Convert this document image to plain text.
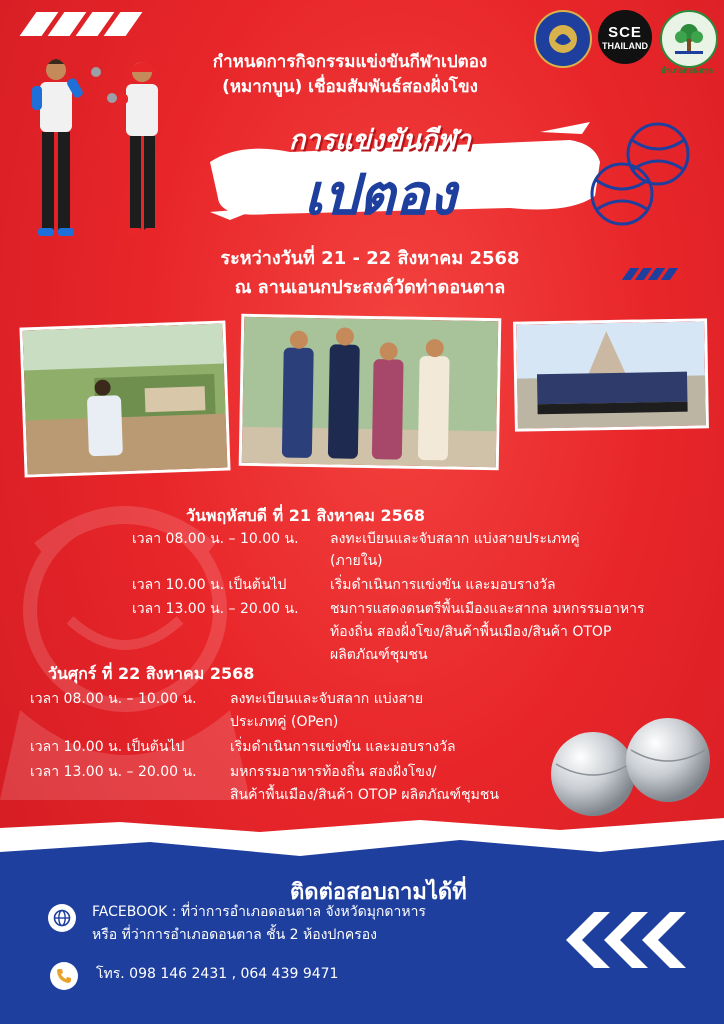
SCE
THAILAND
อำเภอดอนตาล
กำหนดการกิจกรรมแข่งขันกีฬาเปตอง
(หมากบูน) เชื่อมสัมพันธ์สองฝั่งโขง
การแข่งขันกีฬา
เปตอง
ระหว่างวันที่ 21 - 22 สิงหาคม 2568
ณ ลานเอนกประสงค์วัดท่าดอนตาล
วันพฤหัสบดี ที่ 21 สิงหาคม 2568
เวลา 08.00 น. – 10.00 น. ลงทะเบียนและจับสลาก แบ่งสายประเภทคู่
(ภายใน)
เวลา 10.00 น. เป็นต้นไป	เริ่มดำเนินการแข่งขัน และมอบรางวัล
เวลา 13.00 น. – 20.00 น. ชมการแสดงดนตรีพื้นเมืองและสากล มหกรรมอาหาร
ท้องถิ่น สองฝั่งโขง/สินค้าพื้นเมือง/สินค้า OTOP
ผลิตภัณฑ์ชุมชน
วันศุกร์ ที่ 22 สิงหาคม 2568
เวลา 08.00 น. – 10.00 น. ลงทะเบียนและจับสลาก แบ่งสาย
ประเภทคู่ (OPen)
เวลา 10.00 น. เป็นต้นไป	เริ่มดำเนินการแข่งขัน และมอบรางวัล
เวลา 13.00 น. – 20.00 น. มหกรรมอาหารท้องถิ่น สองฝั่งโขง/
สินค้าพื้นเมือง/สินค้า OTOP ผลิตภัณฑ์ชุมชน
ติดต่อสอบถามได้ที่
FACEBOOK : ที่ว่าการอำเภอดอนตาล จังหวัดมุกดาหาร
หรือ ที่ว่าการอำเภอดอนตาล ชั้น 2 ห้องปกครอง
โทร. 098 146 2431 , 064 439 9471
